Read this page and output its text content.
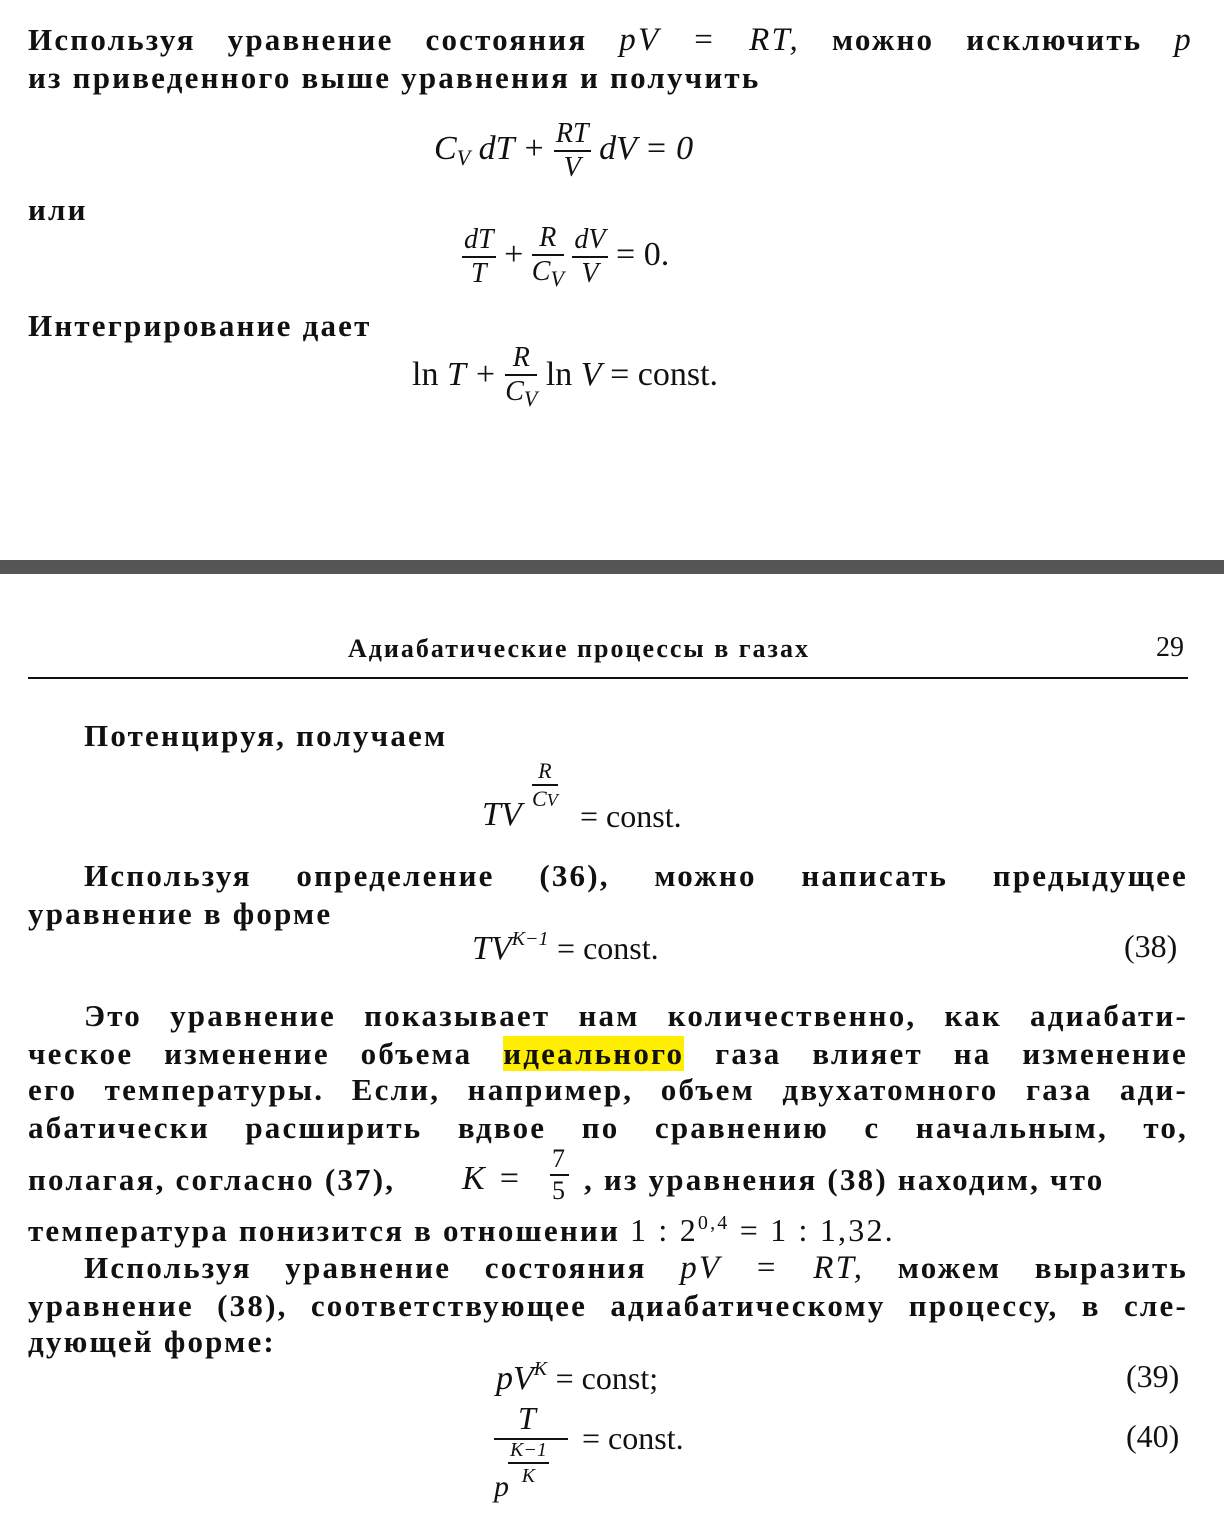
Используя уравнение состояния pV = RT, можно исключить p
из приведенного выше уравнения и получить
$C_V$ dT + $\frac{RT}{V}$ dV = 0
или
$\frac{dT}{T} + \frac{R}{C_V}$
$\frac{dV}{V} = 0$.
Интегрирование дает
$\ln T + \frac{R}{C_V}$ ln V = const.
Адиабатические процессы в газах	29
Потенцируя, получаем
TV
$\frac{R}{CV}$
= const.
Используя определение (36), можно написать предыдущее
уравнение в форме
$TV^{K-1}$ = const.	(38)
Это уравнение показывает нам количественно, как адиабати-
ческое изменение объема идеального газа влияет на изменение
его температуры. Если, например, объем двухатомного газа ади-
абатически расширить вдвое по сравнению с начальным, то,
полагая, согласно (37), $K = \frac{7}{5}$ , из уравнения (38) находим, что
температура понизится в отношении 1 : $2^{0,4} = 1$ : 1,32.
Используя уравнение состояния pV = RT, можем выразить
уравнение (38), соответствующее адиабатическому процессу, в сле-
дующей форме:
$pV^K$ = const;	(39)
T
p
$\frac{K-1}{K}$
= const.	(40)
